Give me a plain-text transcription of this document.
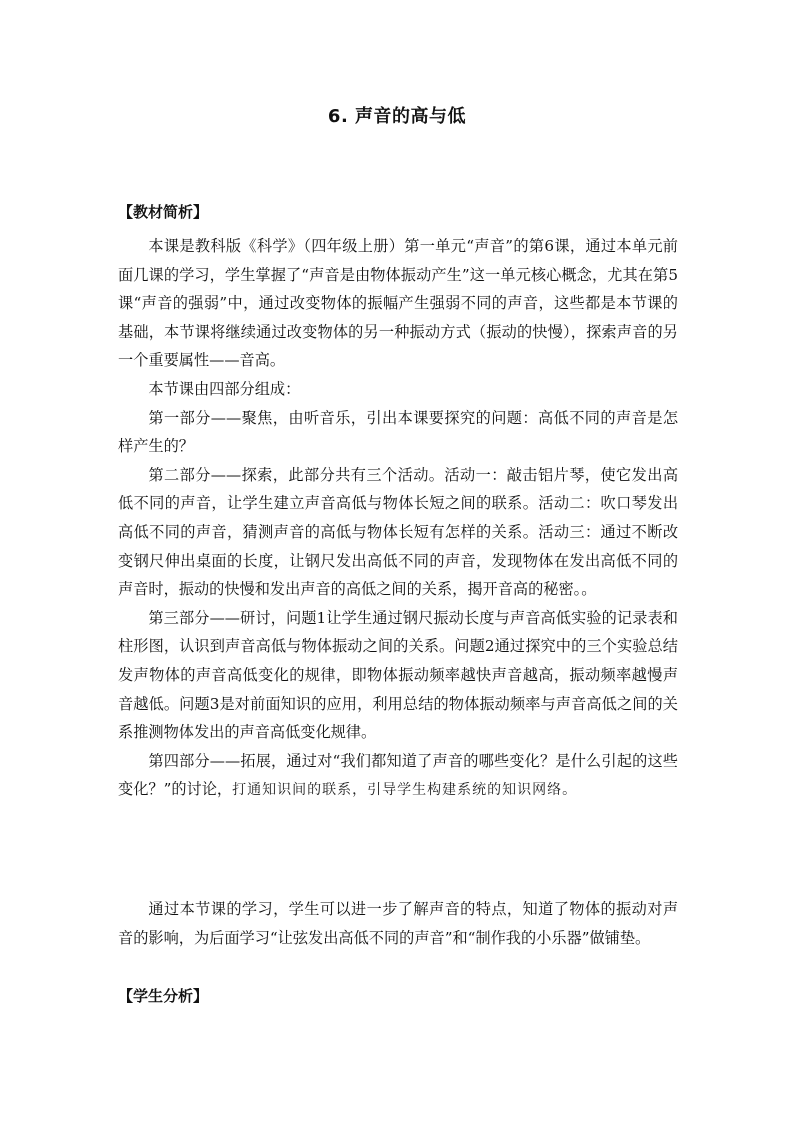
6. 声音的高与低
【教材简析】

本课是教科版《科学》（四年级上册）第一单元“声音”的第6课，通过本单元前面几课的学习，学生掌握了“声音是由物体振动产生”这一单元核心概念，尤其在第5课“声音的强弱”中，通过改变物体的振幅产生强弱不同的声音，这些都是本节课的基础，本节课将继续通过改变物体的另一种振动方式（振动的快慢），探索声音的另一个重要属性——音高。

本节课由四部分组成：

第一部分——聚焦，由听音乐，引出本课要探究的问题：高低不同的声音是怎样产生的？

第二部分——探索，此部分共有三个活动。活动一：敲击铝片琴，使它发出高低不同的声音，让学生建立声音高低与物体长短之间的联系。活动二：吹口琴发出高低不同的声音，猜测声音的高低与物体长短有怎样的关系。活动三：通过不断改变钢尺伸出桌面的长度，让钢尺发出高低不同的声音，发现物体在发出高低不同的声音时，振动的快慢和发出声音的高低之间的关系，揭开音高的秘密。。

第三部分——研讨，问题1让学生通过钢尺振动长度与声音高低实验的记录表和柱形图，认识到声音高低与物体振动之间的关系。问题2通过探究中的三个实验总结发声物体的声音高低变化的规律，即物体振动频率越快声音越高，振动频率越慢声音越低。问题3是对前面知识的应用，利用总结的物体振动频率与声音高低之间的关系推测物体发出的声音高低变化规律。

第四部分——拓展，通过对“我们都知道了声音的哪些变化？是什么引起的这些变化？”的讨论，打通知识间的联系，引导学生构建系统的知识网络。

通过本节课的学习，学生可以进一步了解声音的特点，知道了物体的振动对声音的影响，为后面学习“让弦发出高低不同的声音”和“制作我的小乐器”做铺垫。

【学生分析】
